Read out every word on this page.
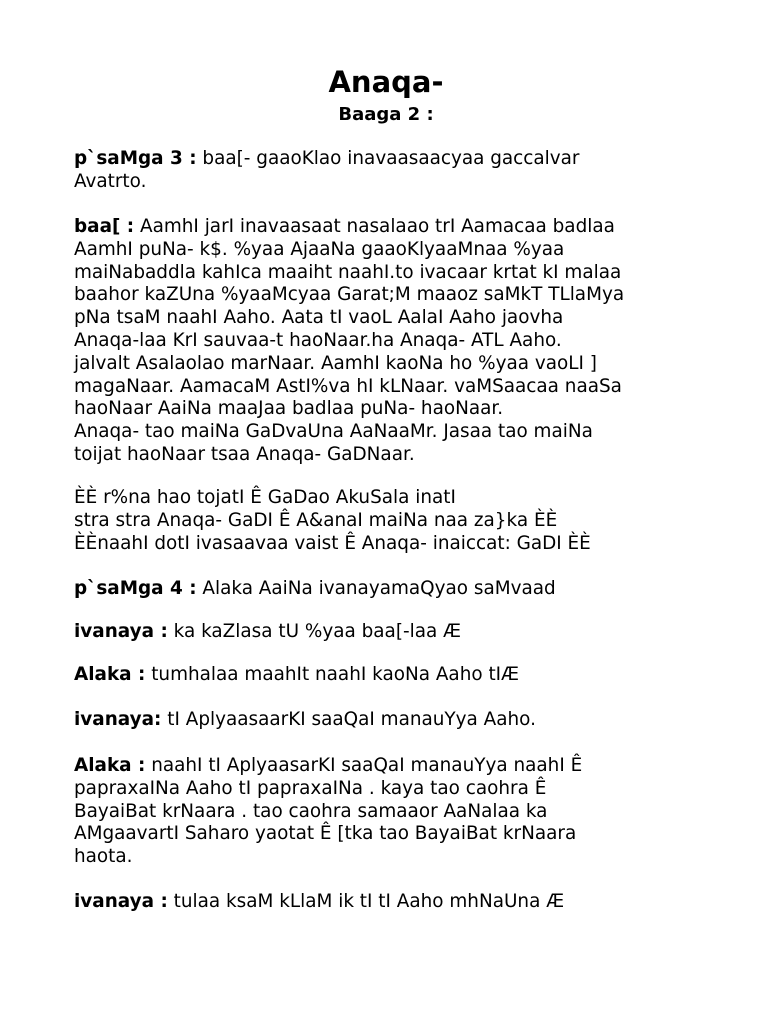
Anaqa-
Baaga 2 :
p`saMga 3 : baa[- gaaoKlao inavaasaacyaa gaccalvar
Avatrto.
baa[ : AamhI jarI inavaasaat nasalaao trI Aamacaa badlaa
AamhI puNa- k$. %yaa AjaaNa gaaoKlyaaMnaa %yaa
maiNabaddla kahIca maaiht naahI.to ivacaar krtat kI malaa
baahor kaZUna %yaaMcyaa Garat;M maaoz saMkT TLlaMya
pNa tsaM naahI Aaho. Aata tI vaoL AalaI Aaho jaovha
Anaqa-laa KrI sauvaa-t haoNaar.ha Anaqa- ATL Aaho.
jalvalt Asalaolao marNaar. AamhI kaoNa ho %yaa vaoLI ]
magaNaar. AamacaM AstI%va hI kLNaar. vaMSaacaa naaSa
haoNaar AaiNa maaJaa badlaa puNa- haoNaar.
Anaqa- tao maiNa GaDvaUna AaNaaMr. Jasaa tao maiNa
toijat haoNaar tsaa Anaqa- GaDNaar.
ÈÈ r%na hao tojatI Ê GaDao AkuSala inatI
stra stra Anaqa- GaDI Ê A&anaI maiNa naa za}ka ÈÈ
ÈÈnaahI dotI ivasaavaa vaist Ê Anaqa- inaiccat: GaDI ÈÈ
p`saMga 4 : Alaka AaiNa ivanayamaQyao saMvaad
ivanaya : ka kaZlasa tU %yaa baa[-laa Æ
Alaka : tumhalaa maahIt naahI kaoNa Aaho tIÆ
ivanaya: tI AplyaasaarKI saaQaI manauYya Aaho.
Alaka : naahI tI AplyaasarKI saaQaI manauYya naahI Ê
papraxaINa Aaho tI papraxaINa . kaya tao caohra Ê
BayaiBat krNaara . tao caohra samaaor AaNalaa ka
AMgaavartI Saharo yaotat Ê [tka tao BayaiBat krNaara
haota.
ivanaya : tulaa ksaM kLlaM ik tI tI Aaho mhNaUna Æ
